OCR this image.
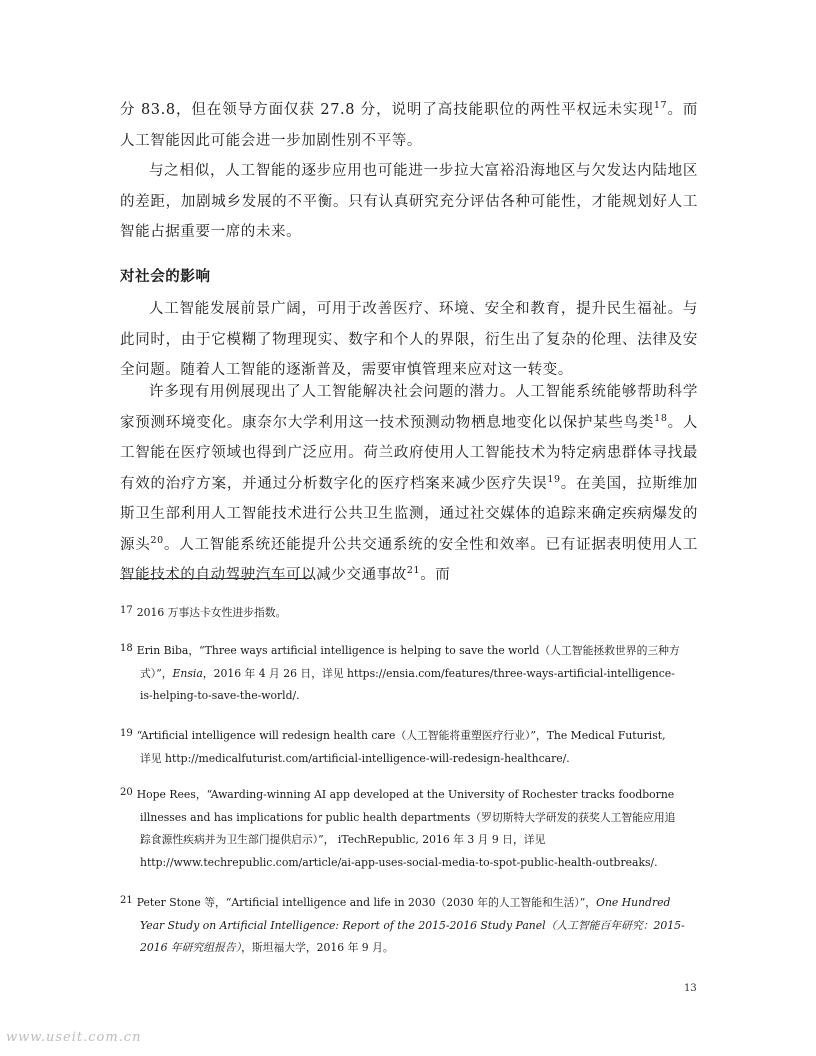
分 83.8，但在领导方面仅获 27.8 分，说明了高技能职位的两性平权远未实现$^{17}$。而人工智能因此可能会进一步加剧性别不平等。

与之相似，人工智能的逐步应用也可能进一步拉大富裕沿海地区与欠发达内陆地区的差距，加剧城乡发展的不平衡。只有认真研究充分评估各种可能性，才能规划好人工智能占据重要一席的未来。

对社会的影响

人工智能发展前景广阔，可用于改善医疗、环境、安全和教育，提升民生福祉。与此同时，由于它模糊了物理现实、数字和个人的界限，衍生出了复杂的伦理、法律及安全问题。随着人工智能的逐渐普及，需要审慎管理来应对这一转变。

许多现有用例展现出了人工智能解决社会问题的潜力。人工智能系统能够帮助科学家预测环境变化。康奈尔大学利用这一技术预测动物栖息地变化以保护某些鸟类$^{18}$。人工智能在医疗领域也得到广泛应用。荷兰政府使用人工智能技术为特定病患群体寻找最有效的治疗方案，并通过分析数字化的医疗档案来减少医疗失误$^{19}$。在美国，拉斯维加斯卫生部利用人工智能技术进行公共卫生监测，通过社交媒体的追踪来确定疾病爆发的源头$^{20}$。人工智能系统还能提升公共交通系统的安全性和效率。已有证据表明使用人工智能技术的自动驾驶汽车可以减少交通事故$^{21}$。而

17 2016 万事达卡女性进步指数。
18 Erin Biba，“Three ways artificial intelligence is helping to save the world（人工智能拯救世界的三种方
式）”，Ensia，2016 年 4 月 26 日，详见 https://ensia.com/features/three-ways-artificial-intelligence-
is-helping-to-save-the-world/.
19 “Artificial intelligence will redesign health care（人工智能将重塑医疗行业）”，The Medical Futurist,
详见 http://medicalfuturist.com/artificial-intelligence-will-redesign-healthcare/.
20 Hope Rees，“Awarding-winning AI app developed at the University of Rochester tracks foodborne
illnesses and has implications for public health departments（罗切斯特大学研发的获奖人工智能应用追
踪食源性疾病并为卫生部门提供启示）”， iTechRepublic, 2016 年 3 月 9 日，详见
http://www.techrepublic.com/article/ai-app-uses-social-media-to-spot-public-health-outbreaks/.
21 Peter Stone 等，“Artificial intelligence and life in 2030（2030 年的人工智能和生活）”，One Hundred
Year Study on Artificial Intelligence: Report of the 2015-2016 Study Panel（人工智能百年研究：2015-
2016 年研究组报告），斯坦福大学，2016 年 9 月。

13

www.useit.com.cn
